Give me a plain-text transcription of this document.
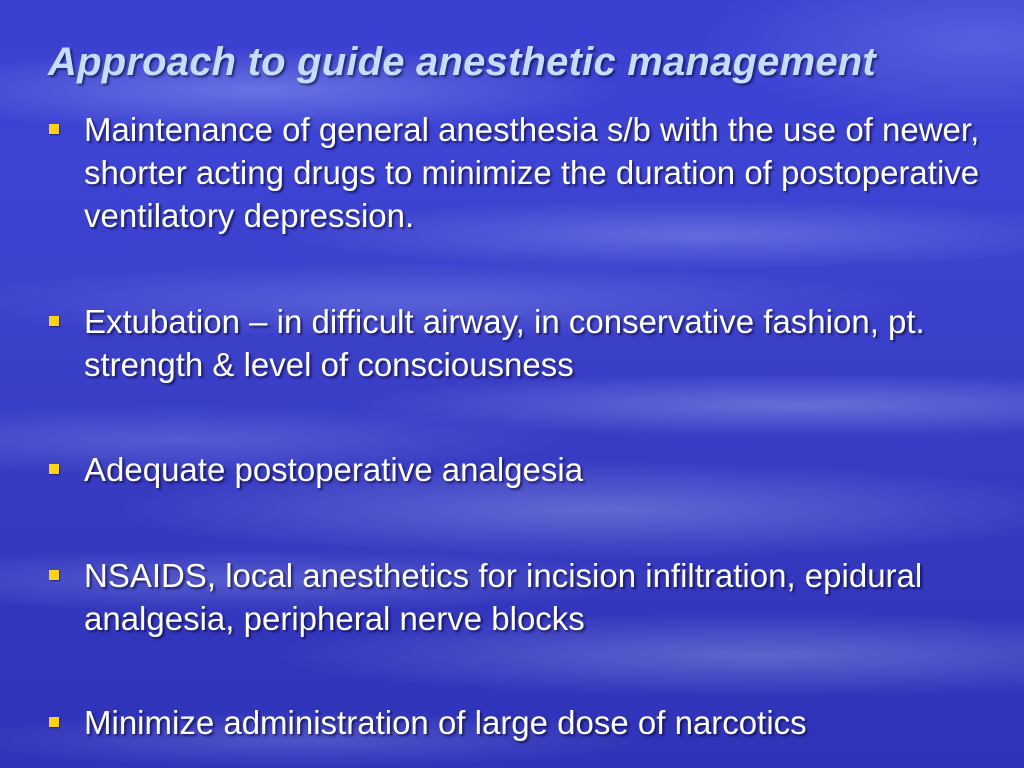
Approach to guide anesthetic management
Maintenance of general anesthesia s/b with the use of newer, shorter acting drugs to minimize the duration of postoperative ventilatory depression.
Extubation – in difficult airway, in conservative fashion, pt. strength & level of consciousness
Adequate postoperative analgesia
NSAIDS, local anesthetics for incision infiltration, epidural analgesia, peripheral nerve blocks
Minimize administration of large dose of narcotics
